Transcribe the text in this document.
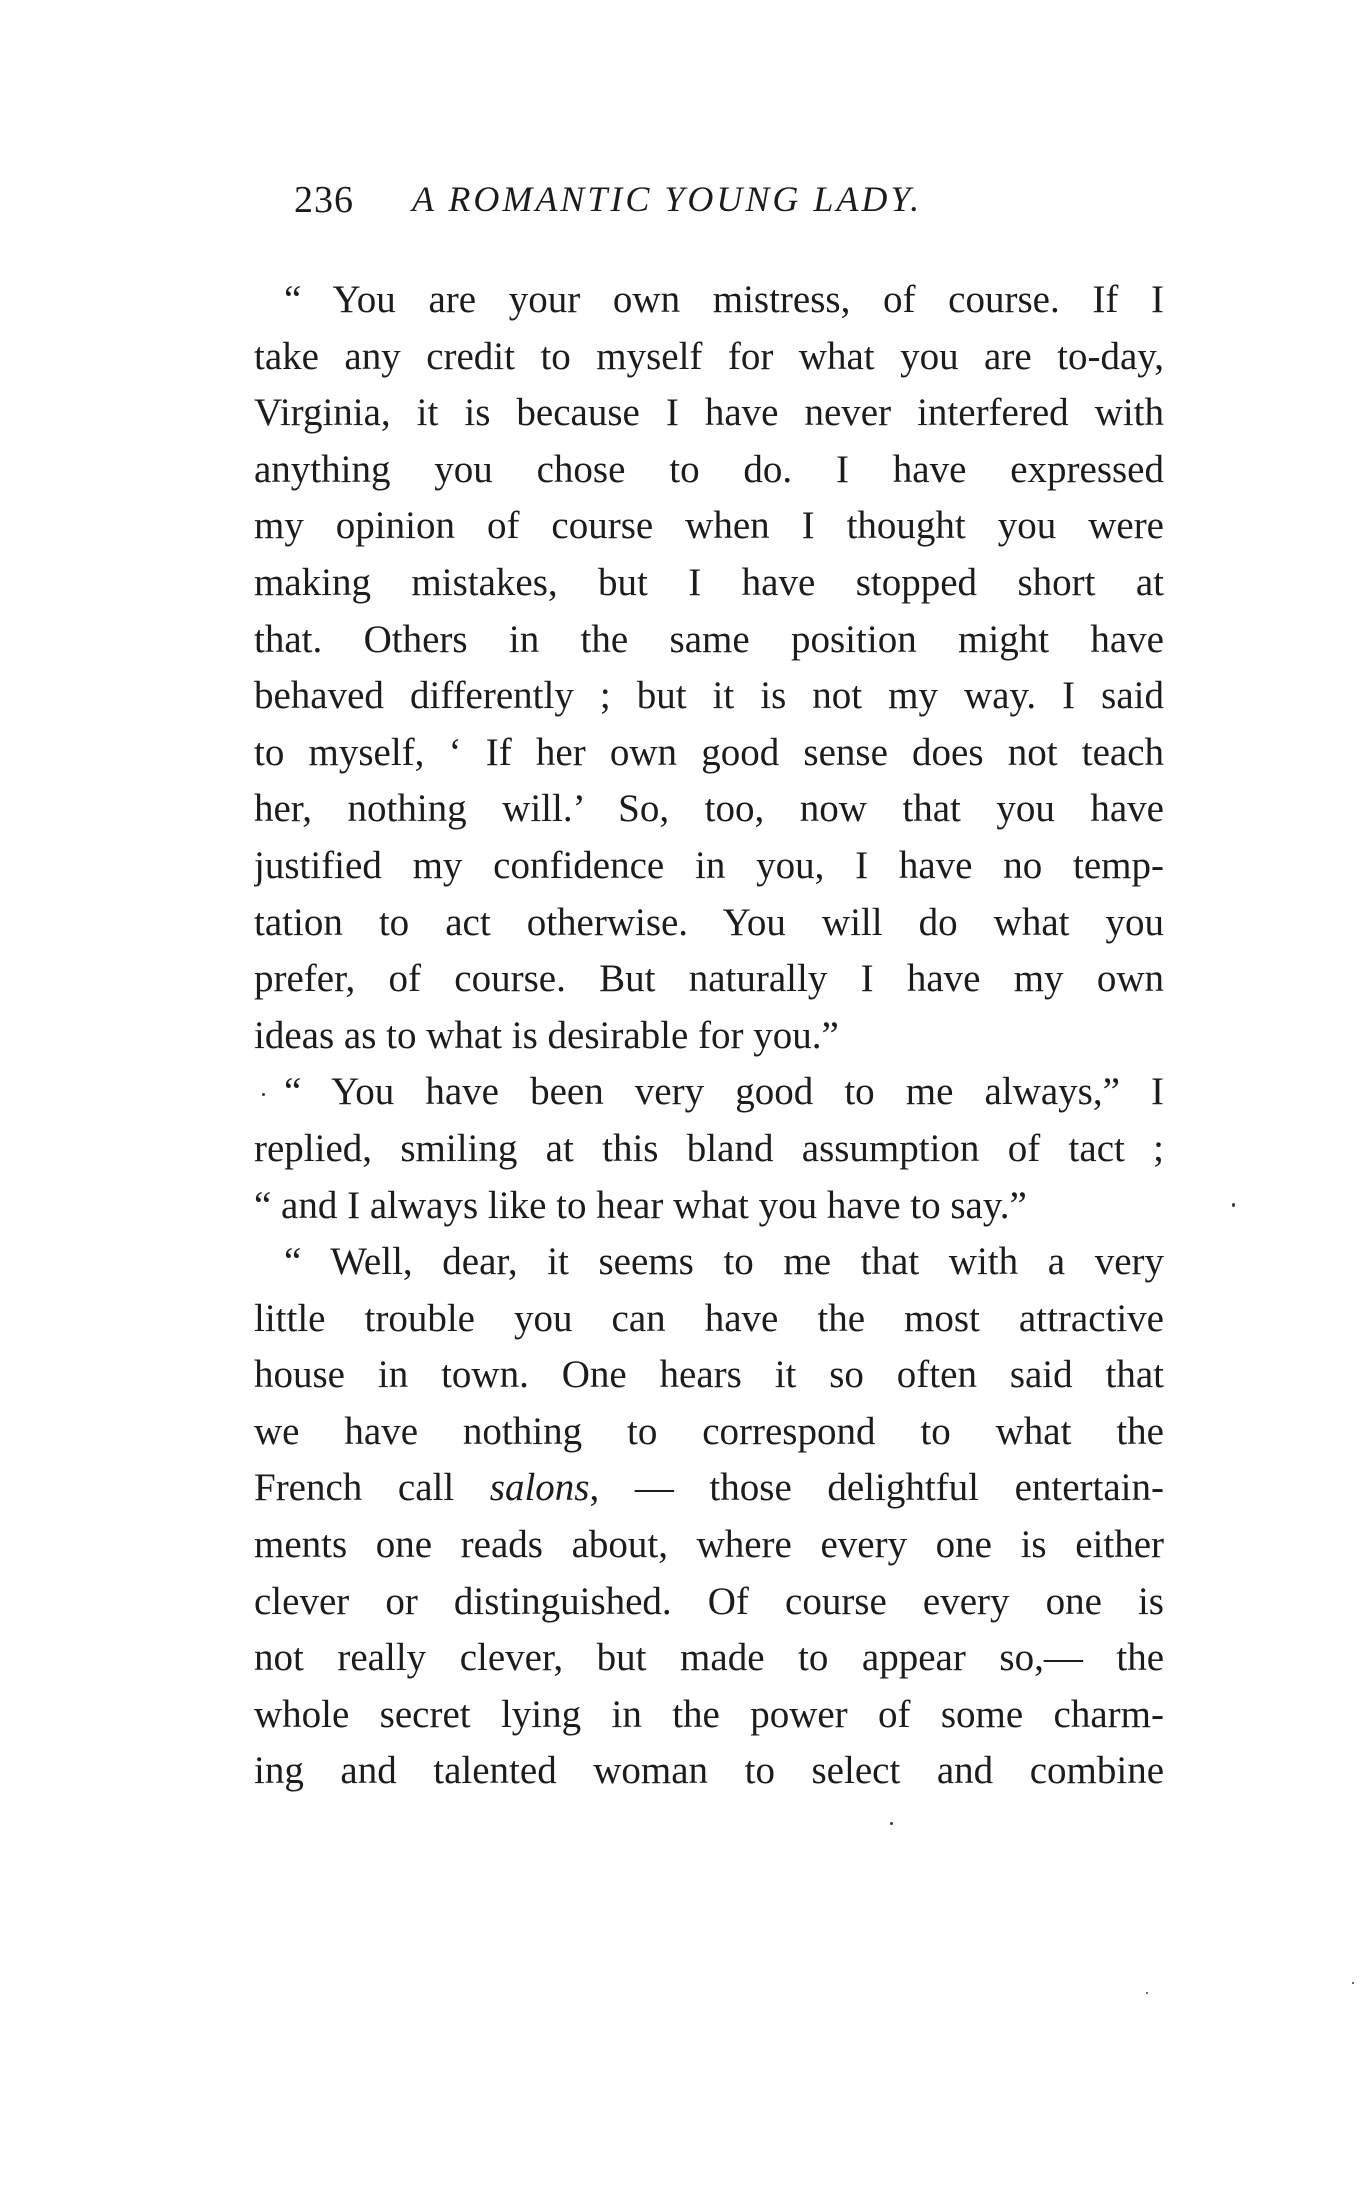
236 A ROMANTIC YOUNG LADY.
“ You are your own mistress, of course. If I
take any credit to myself for what you are to-day,
Virginia, it is because I have never interfered with
anything you chose to do. I have expressed
my opinion of course when I thought you were
making mistakes, but I have stopped short at
that. Others in the same position might have
behaved differently ; but it is not my way. I said
to myself, ‘ If her own good sense does not teach
her, nothing will.’ So, too, now that you have
justified my confidence in you, I have no temp-
tation to act otherwise. You will do what you
prefer, of course. But naturally I have my own
ideas as to what is desirable for you.”
“ You have been very good to me always,” I
replied, smiling at this bland assumption of tact ;
“ and I always like to hear what you have to say.”
“ Well, dear, it seems to me that with a very
little trouble you can have the most attractive
house in town. One hears it so often said that
we have nothing to correspond to what the
French call salons, — those delightful entertain-
ments one reads about, where every one is either
clever or distinguished. Of course every one is
not really clever, but made to appear so,— the
whole secret lying in the power of some charm-
ing and talented woman to select and combine
